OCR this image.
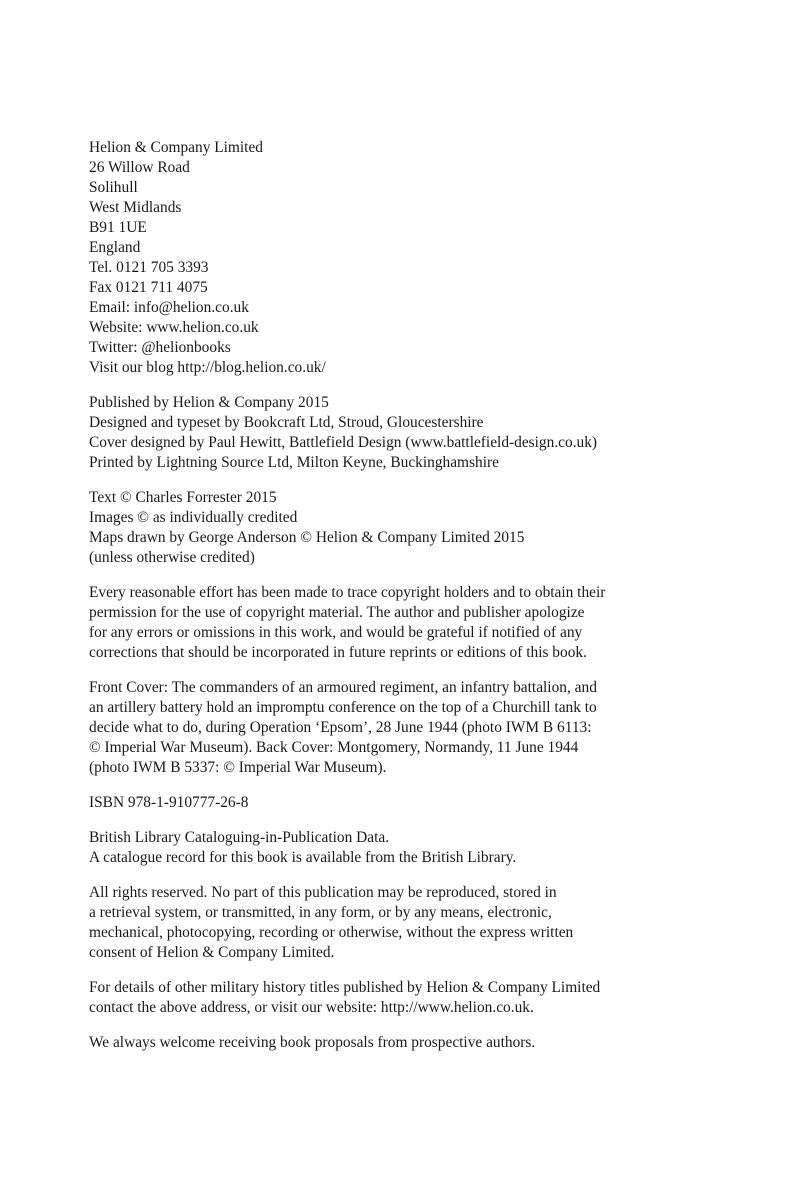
Helion & Company Limited
26 Willow Road
Solihull
West Midlands
B91 1UE
England
Tel. 0121 705 3393
Fax 0121 711 4075
Email: info@helion.co.uk
Website: www.helion.co.uk
Twitter: @helionbooks
Visit our blog http://blog.helion.co.uk/
Published by Helion & Company 2015
Designed and typeset by Bookcraft Ltd, Stroud, Gloucestershire
Cover designed by Paul Hewitt, Battlefield Design (www.battlefield-design.co.uk)
Printed by Lightning Source Ltd, Milton Keyne, Buckinghamshire
Text © Charles Forrester 2015
Images © as individually credited
Maps drawn by George Anderson © Helion & Company Limited 2015
(unless otherwise credited)
Every reasonable effort has been made to trace copyright holders and to obtain their
permission for the use of copyright material. The author and publisher apologize
for any errors or omissions in this work, and would be grateful if notified of any
corrections that should be incorporated in future reprints or editions of this book.
Front Cover: The commanders of an armoured regiment, an infantry battalion, and
an artillery battery hold an impromptu conference on the top of a Churchill tank to
decide what to do, during Operation ‘Epsom’, 28 June 1944 (photo IWM B 6113:
© Imperial War Museum). Back Cover: Montgomery, Normandy, 11 June 1944
(photo IWM B 5337: © Imperial War Museum).
ISBN 978-1-910777-26-8
British Library Cataloguing-in-Publication Data.
A catalogue record for this book is available from the British Library.
All rights reserved. No part of this publication may be reproduced, stored in
a retrieval system, or transmitted, in any form, or by any means, electronic,
mechanical, photocopying, recording or otherwise, without the express written
consent of Helion & Company Limited.
For details of other military history titles published by Helion & Company Limited
contact the above address, or visit our website: http://www.helion.co.uk.
We always welcome receiving book proposals from prospective authors.
